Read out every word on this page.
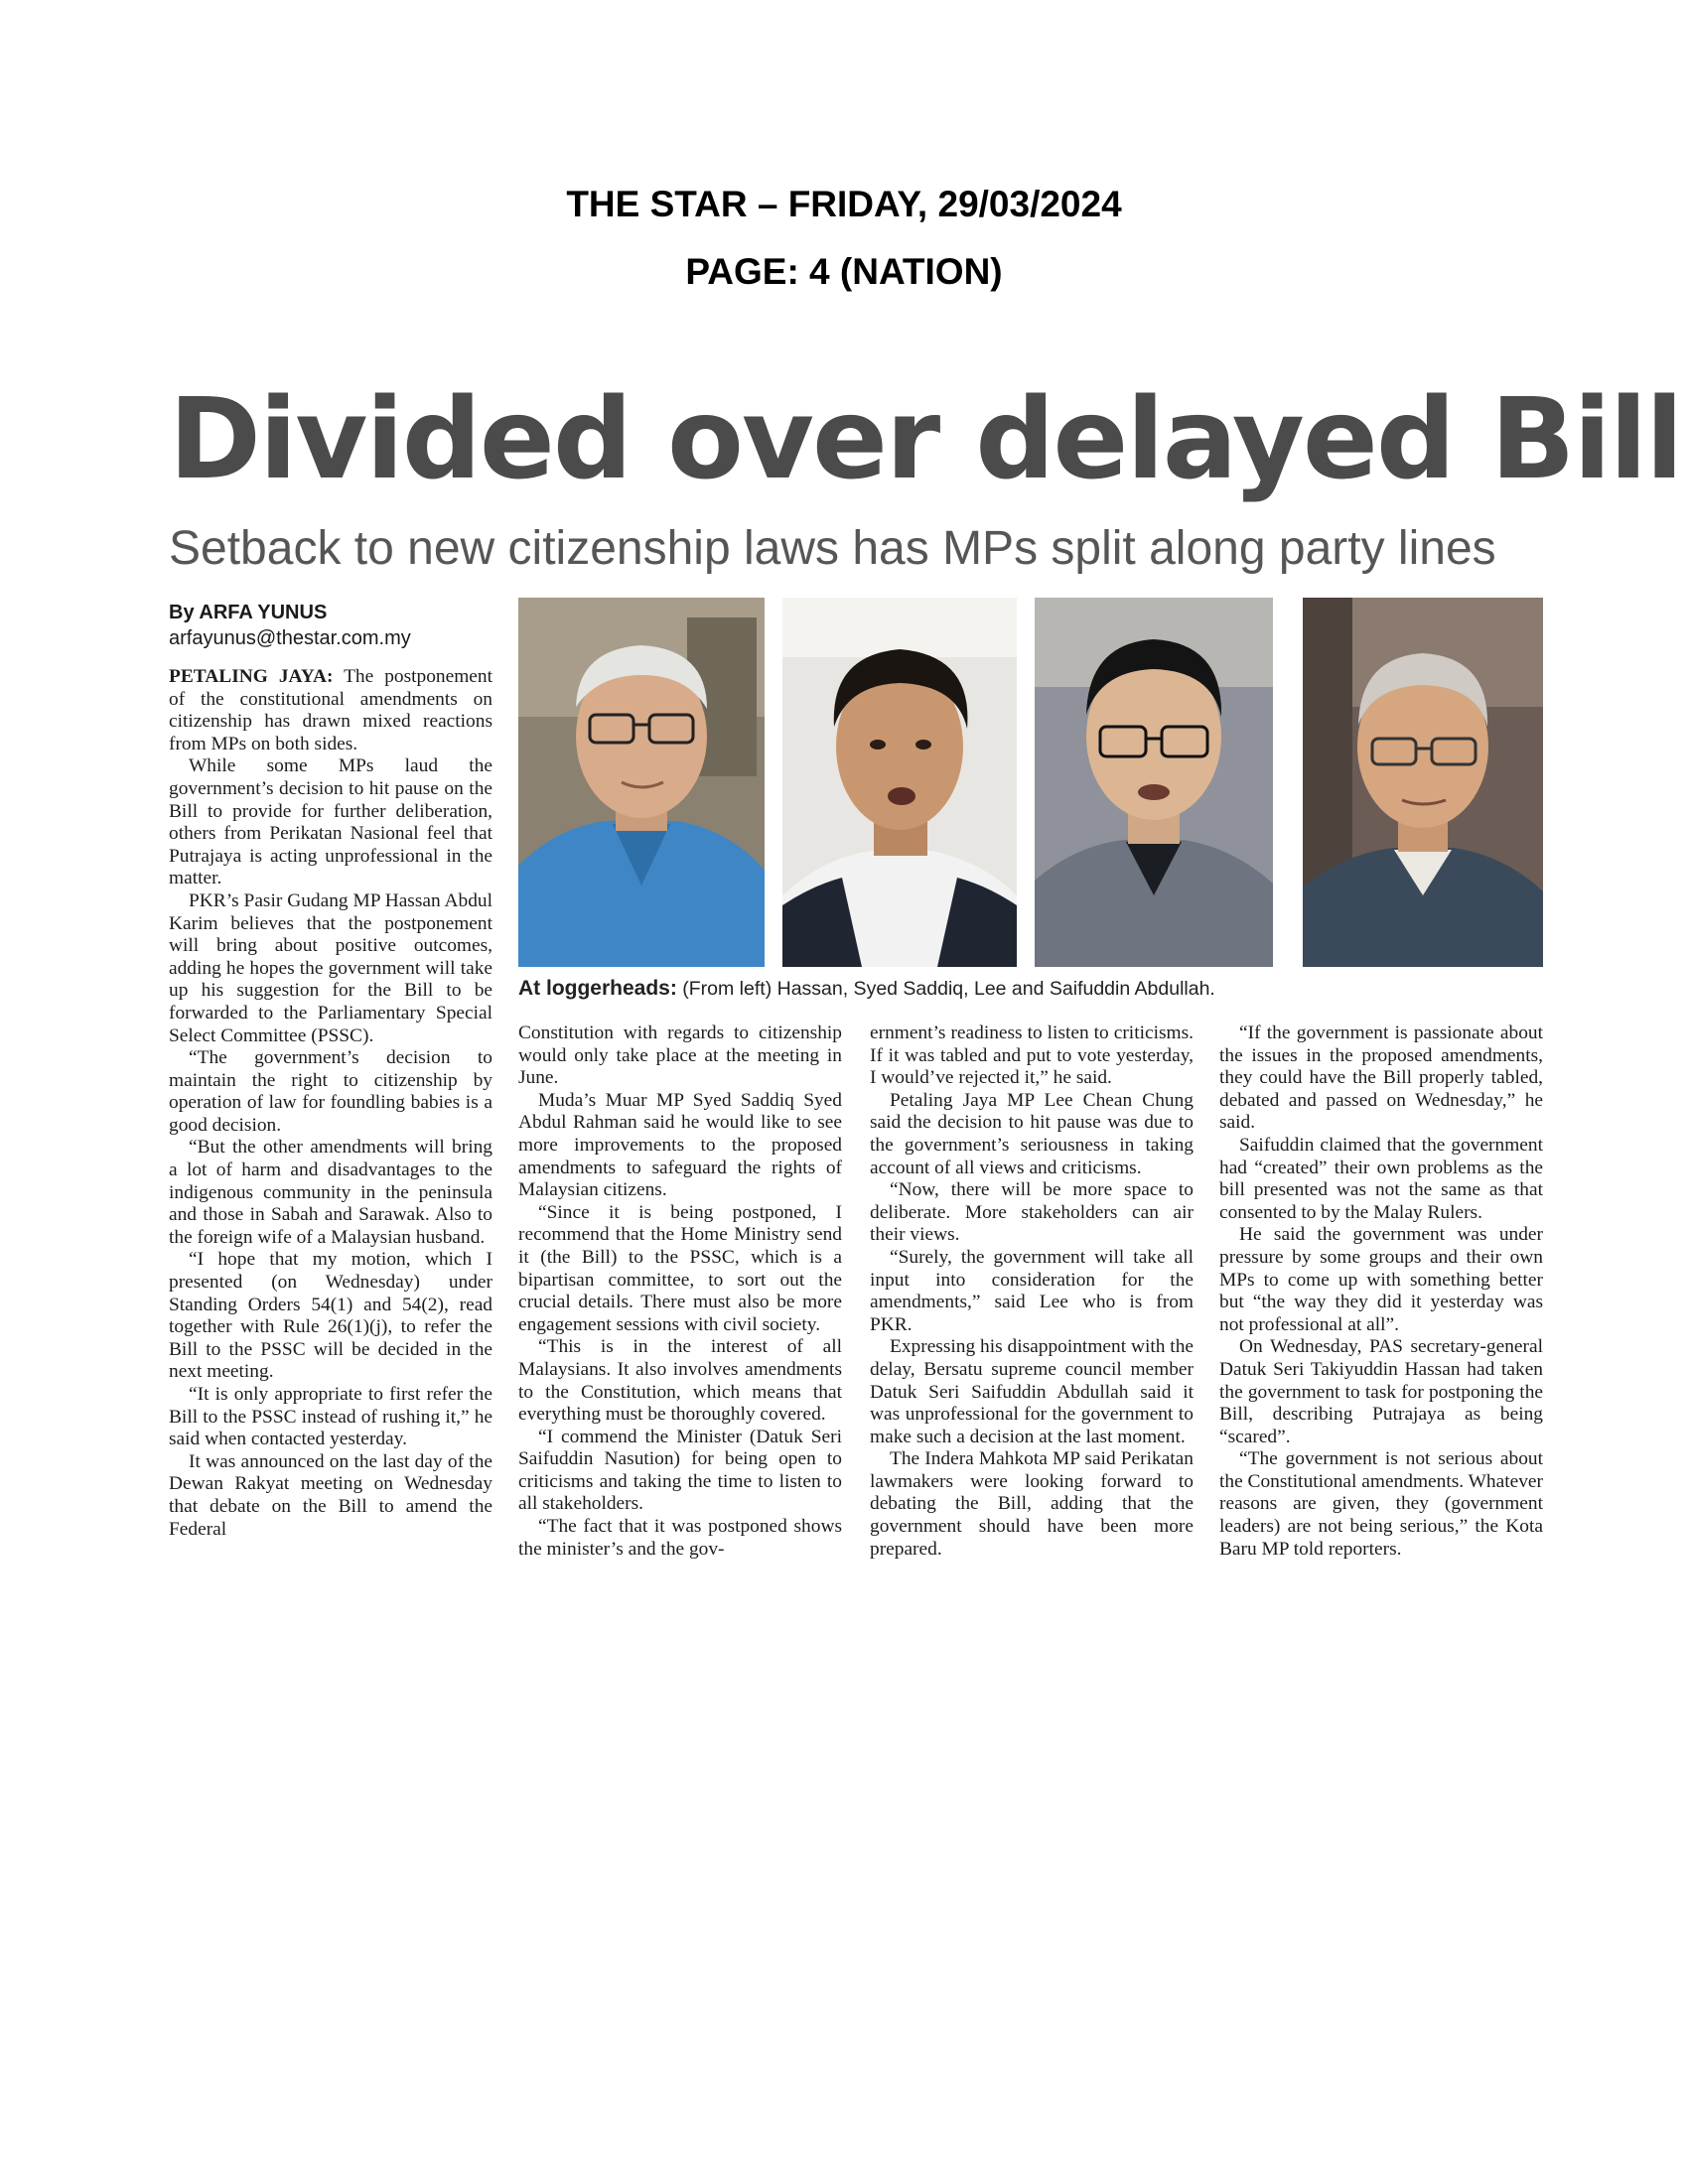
THE STAR – FRIDAY, 29/03/2024
PAGE: 4 (NATION)
Divided over delayed Bill
Setback to new citizenship laws has MPs split along party lines
By ARFA YUNUS
arfayunus@thestar.com.my
At loggerheads: (From left) Hassan, Syed Saddiq, Lee and Saifuddin Abdullah.

PETALING JAYA: The postponement of the constitutional amendments on citizenship has drawn mixed reactions from MPs on both sides.

While some MPs laud the government’s decision to hit pause on the Bill to provide for further deliberation, others from Perikatan Nasional feel that Putrajaya is acting unprofessional in the matter.

PKR’s Pasir Gudang MP Hassan Abdul Karim believes that the postponement will bring about positive outcomes, adding he hopes the government will take up his suggestion for the Bill to be forwarded to the Parliamentary Special Select Committee (PSSC).

“The government’s decision to maintain the right to citizenship by operation of law for foundling babies is a good decision.

“But the other amendments will bring a lot of harm and disadvantages to the indigenous community in the peninsula and those in Sabah and Sarawak. Also to the foreign wife of a Malaysian husband.

“I hope that my motion, which I presented (on Wednesday) under Standing Orders 54(1) and 54(2), read together with Rule 26(1)(j), to refer the Bill to the PSSC will be decided in the next meeting.

“It is only appropriate to first refer the Bill to the PSSC instead of rushing it,” he said when contacted yesterday.

It was announced on the last day of the Dewan Rakyat meeting on Wednesday that debate on the Bill to amend the Federal

Constitution with regards to citizenship would only take place at the meeting in June.

Muda’s Muar MP Syed Saddiq Syed Abdul Rahman said he would like to see more improvements to the proposed amendments to safeguard the rights of Malaysian citizens.

“Since it is being postponed, I recommend that the Home Ministry send it (the Bill) to the PSSC, which is a bipartisan committee, to sort out the crucial details. There must also be more engagement sessions with civil society.

“This is in the interest of all Malaysians. It also involves amendments to the Constitution, which means that everything must be thoroughly covered.

“I commend the Minister (Datuk Seri Saifuddin Nasution) for being open to criticisms and taking the time to listen to all stakeholders.

“The fact that it was postponed shows the minister’s and the gov-

ernment’s readiness to listen to criticisms. If it was tabled and put to vote yesterday, I would’ve rejected it,” he said.

Petaling Jaya MP Lee Chean Chung said the decision to hit pause was due to the government’s seriousness in taking account of all views and criticisms.

“Now, there will be more space to deliberate. More stakeholders can air their views.

“Surely, the government will take all input into consideration for the amendments,” said Lee who is from PKR.

Expressing his disappointment with the delay, Bersatu supreme council member Datuk Seri Saifuddin Abdullah said it was unprofessional for the government to make such a decision at the last moment.

The Indera Mahkota MP said Perikatan lawmakers were looking forward to debating the Bill, adding that the government should have been more prepared.

“If the government is passionate about the issues in the proposed amendments, they could have the Bill properly tabled, debated and passed on Wednesday,” he said.

Saifuddin claimed that the government had “created” their own problems as the bill presented was not the same as that consented to by the Malay Rulers.

He said the government was under pressure by some groups and their own MPs to come up with something better but “the way they did it yesterday was not professional at all”.

On Wednesday, PAS secretary-general Datuk Seri Takiyuddin Hassan had taken the government to task for postponing the Bill, describing Putrajaya as being “scared”.

“The government is not serious about the Constitutional amendments. Whatever reasons are given, they (government leaders) are not being serious,” the Kota Baru MP told reporters.
